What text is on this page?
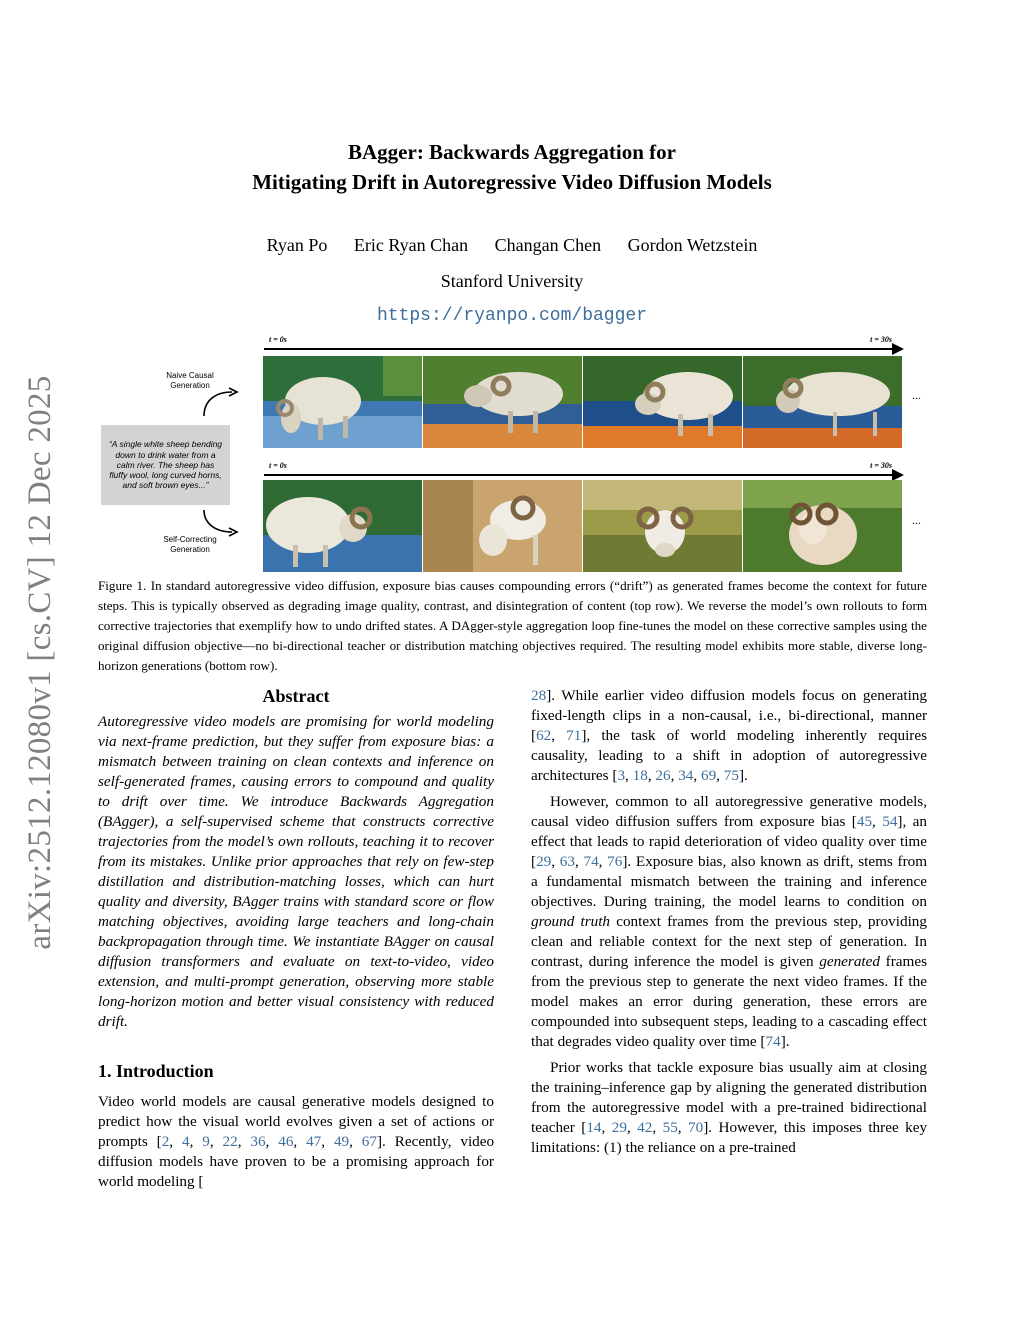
arXiv:2512.12080v1 [cs.CV] 12 Dec 2025
BAgger: Backwards Aggregation for
Mitigating Drift in Autoregressive Video Diffusion Models
Ryan Po Eric Ryan Chan Changan Chen Gordon Wetzstein
Stanford University
https://ryanpo.com/bagger
t = 0s	t = 30s
t = 0s	t = 30s
...
...
Naive Causal Generation
Self-Correcting Generation
“A single white sheep bending down to drink water from a calm river. The sheep has fluffy wool, long curved horns, and soft brown eyes...”
Figure 1. In standard autoregressive video diffusion, exposure bias causes compounding errors (“drift”) as generated frames become the context for future steps. This is typically observed as degrading image quality, contrast, and disintegration of content (top row). We reverse the model’s own rollouts to form corrective trajectories that exemplify how to undo drifted states. A DAgger-style aggregation loop fine-tunes the model on these corrective samples using the original diffusion objective—no bi-directional teacher or distribution matching objectives required. The resulting model exhibits more stable, diverse long-horizon generations (bottom row).

Abstract

Autoregressive video models are promising for world modeling via next-frame prediction, but they suffer from exposure bias: a mismatch between training on clean contexts and inference on self-generated frames, causing errors to compound and quality to drift over time. We introduce Backwards Aggregation (BAgger), a self-supervised scheme that constructs corrective trajectories from the model’s own rollouts, teaching it to recover from its mistakes. Unlike prior approaches that rely on few-step distillation and distribution-matching losses, which can hurt quality and diversity, BAgger trains with standard score or flow matching objectives, avoiding large teachers and long-chain backpropagation through time. We instantiate BAgger on causal diffusion transformers and evaluate on text-to-video, video extension, and multi-prompt generation, observing more stable long-horizon motion and better visual consistency with reduced drift.

1. Introduction

Video world models are causal generative models designed to predict how the visual world evolves given a set of actions or prompts [2, 4, 9, 22, 36, 46, 47, 49, 67]. Recently, video diffusion models have proven to be a promising approach for world modeling [

28]. While earlier video diffusion models focus on generating fixed-length clips in a non-causal, i.e., bi-directional, manner [62, 71], the task of world modeling inherently requires causality, leading to a shift in adoption of autoregressive architectures [3, 18, 26, 34, 69, 75].

However, common to all autoregressive generative models, causal video diffusion suffers from exposure bias [45, 54], an effect that leads to rapid deterioration of video quality over time [29, 63, 74, 76]. Exposure bias, also known as drift, stems from a fundamental mismatch between the training and inference objectives. During training, the model learns to condition on ground truth context frames from the previous step, providing clean and reliable context for the next step of generation. In contrast, during inference the model is given generated frames from the previous step to generate the next video frames. If the model makes an error during generation, these errors are compounded into subsequent steps, leading to a cascading effect that degrades video quality over time [74].

Prior works that tackle exposure bias usually aim at closing the training–inference gap by aligning the generated distribution from the autoregressive model with a pre-trained bidirectional teacher [14, 29, 42, 55, 70]. However, this imposes three key limitations: (1) the reliance on a pre-trained
